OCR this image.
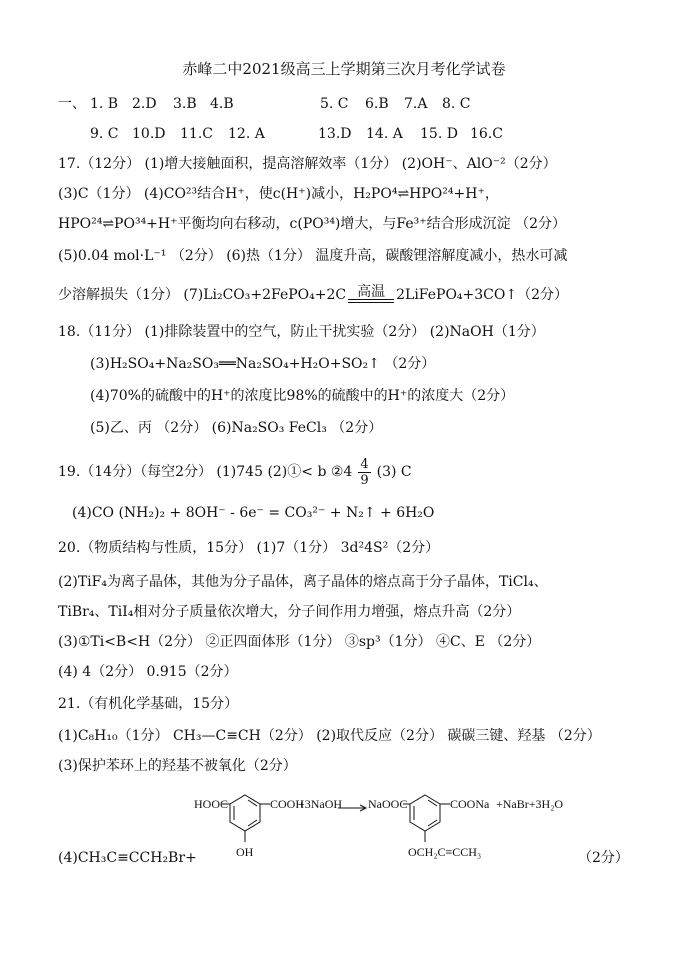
赤峰二中2021级高三上学期第三次月考化学试卷
一、 1. B 2.D 3.B 4.B	5. C 6.B 7.A 8. C
9. C 10.D 11.C 12. A	13.D 14. A 15. D 16.C
17.（12分） (1)增大接触面积，提高溶解效率（1分） (2)OH⁻、AlO⁻²（2分）
(3)C（1分） (4)CO²³结合H⁺，使c(H⁺)减小，H₂PO⁴⇌HPO²⁴+H⁺，
HPO²⁴⇌PO³⁴+H⁺平衡均向右移动，c(PO³⁴)增大，与Fe³⁺结合形成沉淀 （2分）
(5)0.04 mol·L⁻¹ （2分） (6)热（1分） 温度升高，碳酸锂溶解度减小，热水可减
少溶解损失（1分） (7)Li₂CO₃+2FePO₄+2C 高温 2LiFePO₄+3CO↑（2分）
18.（11分） (1)排除装置中的空气，防止干扰实验（2分） (2)NaOH（1分）
(3)H₂SO₄+Na₂SO₃══Na₂SO₄+H₂O+SO₂↑ （2分）
(4)70%的硫酸中的H⁺的浓度比98%的硫酸中的H⁺的浓度大（2分）
(5)乙、丙 （2分） (6)Na₂SO₃ FeCl₃ （2分）
19.（14分）（每空2分） (1)745 (2)①< b ②4 $\frac{4}{9} (3)$ C
(4)CO (NH₂)₂ + 8OH⁻ - 6e⁻ = CO₃²⁻ + N₂↑ + 6H₂O
20.（物质结构与性质，15分） (1)7（1分） 3d²4S²（2分）
(2)TiF₄为离子晶体，其他为分子晶体，离子晶体的熔点高于分子晶体，TiCl₄、
TiBr₄、TiI₄相对分子质量依次增大，分子间作用力增强，熔点升高（2分）
(3)①Ti<B<H（2分） ②正四面体形（1分） ③sp³（1分） ④C、E （2分）
(4) 4（2分） 0.915（2分）
21.（有机化学基础，15分）
(1)C₈H₁₀（1分） CH₃—C≡CH（2分） (2)取代反应（2分） 碳碳三键、羟基 （2分）
(3)保护苯环上的羟基不被氧化（2分）
(4)CH₃C≡CCH₂Br+	（2分）
HOOC	COOH
+3NaOH
OH
NaOOC	COONa +NaBr+3H₂O
OCH₂C≡CCH₃
